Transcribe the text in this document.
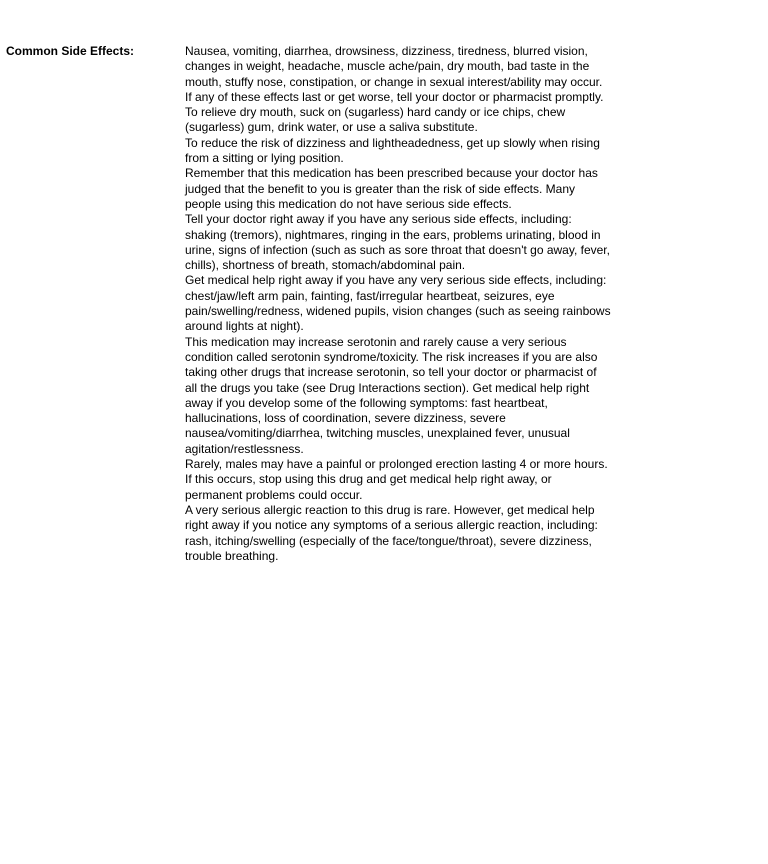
Common Side Effects:	Nausea, vomiting, diarrhea, drowsiness, dizziness, tiredness, blurred vision, changes in weight, headache, muscle ache/pain, dry mouth, bad taste in the mouth, stuffy nose, constipation, or change in sexual interest/ability may occur. If any of these effects last or get worse, tell your doctor or pharmacist promptly.

To relieve dry mouth, suck on (sugarless) hard candy or ice chips, chew (sugarless) gum, drink water, or use a saliva substitute.

To reduce the risk of dizziness and lightheadedness, get up slowly when rising from a sitting or lying position.

Remember that this medication has been prescribed because your doctor has judged that the benefit to you is greater than the risk of side effects. Many people using this medication do not have serious side effects.

Tell your doctor right away if you have any serious side effects, including: shaking (tremors), nightmares, ringing in the ears, problems urinating, blood in urine, signs of infection (such as such as sore throat that doesn't go away, fever, chills), shortness of breath, stomach/abdominal pain.

Get medical help right away if you have any very serious side effects, including: chest/jaw/left arm pain, fainting, fast/irregular heartbeat, seizures, eye pain/swelling/redness, widened pupils, vision changes (such as seeing rainbows around lights at night).

This medication may increase serotonin and rarely cause a very serious condition called serotonin syndrome/toxicity. The risk increases if you are also taking other drugs that increase serotonin, so tell your doctor or pharmacist of all the drugs you take (see Drug Interactions section). Get medical help right away if you develop some of the following symptoms: fast heartbeat, hallucinations, loss of coordination, severe dizziness, severe nausea/vomiting/diarrhea, twitching muscles, unexplained fever, unusual agitation/restlessness.

Rarely, males may have a painful or prolonged erection lasting 4 or more hours. If this occurs, stop using this drug and get medical help right away, or permanent problems could occur.

A very serious allergic reaction to this drug is rare. However, get medical help right away if you notice any symptoms of a serious allergic reaction, including: rash, itching/swelling (especially of the face/tongue/throat), severe dizziness, trouble breathing.
